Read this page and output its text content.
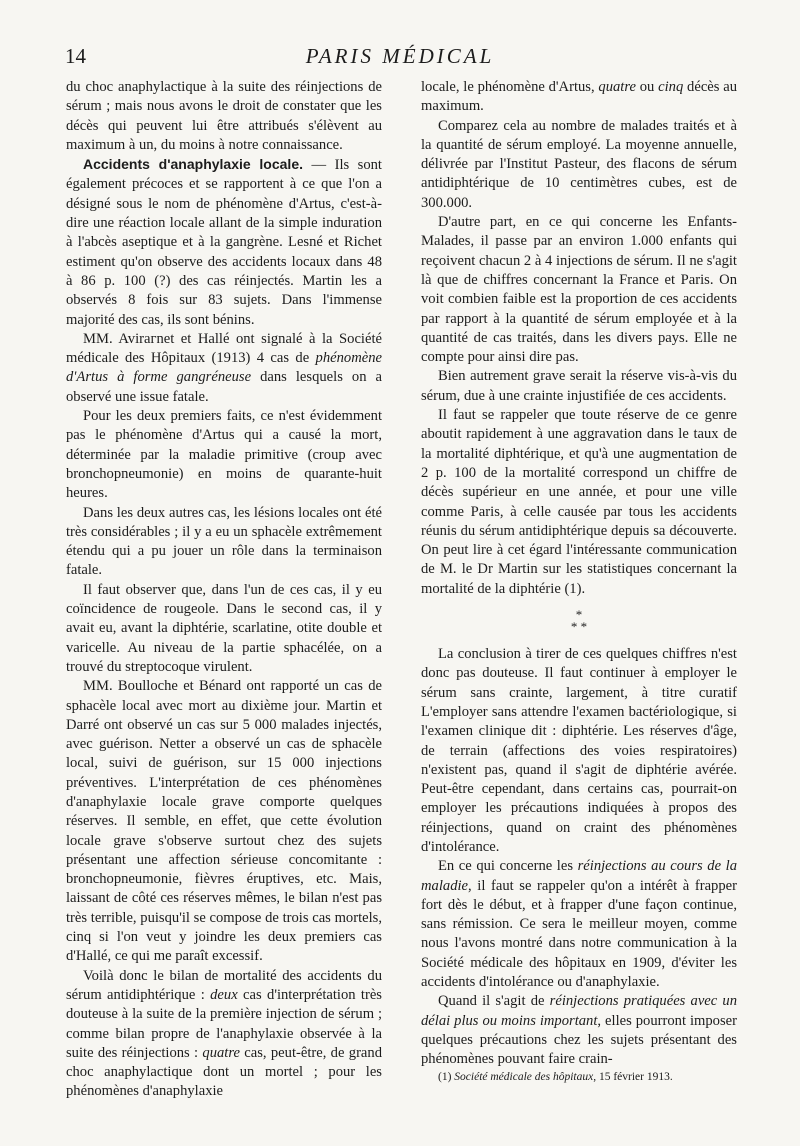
14	PARIS MÉDICAL

du choc anaphylactique à la suite des réinjections de sérum ; mais nous avons le droit de constater que les décès qui peuvent lui être attribués s'élèvent au maximum à un, du moins à notre connaissance.

Accidents d'anaphylaxie locale. — Ils sont également précoces et se rapportent à ce que l'on a désigné sous le nom de phénomène d'Artus, c'est-à-dire une réaction locale allant de la simple induration à l'abcès aseptique et à la gangrène. Lesné et Richet estiment qu'on observe des accidents locaux dans 48 à 86 p. 100 (?) des cas réinjectés. Martin les a observés 8 fois sur 83 sujets. Dans l'immense majorité des cas, ils sont bénins.

MM. Avirагnet et Hallé ont signalé à la Société médicale des Hôpitaux (1913) 4 cas de phénomène d'Artus à forme gangréneuse dans lesquels on a observé une issue fatale.

Pour les deux premiers faits, ce n'est évidemment pas le phénomène d'Artus qui a causé la mort, déterminée par la maladie primitive (croup avec bronchopneumonie) en moins de quarante-huit heures.

Dans les deux autres cas, les lésions locales ont été très considérables ; il y a eu un sphacèle extrêmement étendu qui a pu jouer un rôle dans la terminaison fatale.

Il faut observer que, dans l'un de ces cas, il y eu coïncidence de rougeole. Dans le second cas, il y avait eu, avant la diphtérie, scarlatine, otite double et varicelle. Au niveau de la partie sphacélée, on a trouvé du streptocoque virulent.

MM. Boulloche et Bénard ont rapporté un cas de sphacèle local avec mort au dixième jour. Martin et Darré ont observé un cas sur 5 000 malades injectés, avec guérison. Netter a observé un cas de sphacèle local, suivi de guérison, sur 15 000 injections préventives. L'interprétation de ces phénomènes d'anaphylaxie locale grave comporte quelques réserves. Il semble, en effet, que cette évolution locale grave s'observe surtout chez des sujets présentant une affection sérieuse concomitante : bronchopneumonie, fièvres éruptives, etc. Mais, laissant de côté ces réserves mêmes, le bilan n'est pas très terrible, puisqu'il se compose de trois cas mortels, cinq si l'on veut y joindre les deux premiers cas d'Hallé, ce qui me paraît excessif.

Voilà donc le bilan de mortalité des accidents du sérum antidiphtérique : deux cas d'interprétation très douteuse à la suite de la première injection de sérum ; comme bilan propre de l'anaphylaxie observée à la suite des réinjections : quatre cas, peut-être, de grand choc anaphylactique dont un mortel ; pour les phénomènes d'anaphylaxie

locale, le phénomène d'Artus, quatre ou cinq décès au maximum.

Comparez cela au nombre de malades traités et à la quantité de sérum employé. La moyenne annuelle, délivrée par l'Institut Pasteur, des flacons de sérum antidiphtérique de 10 centimètres cubes, est de 300.000.

D'autre part, en ce qui concerne les Enfants-Malades, il passe par an environ 1.000 enfants qui reçoivent chacun 2 à 4 injections de sérum. Il ne s'agit là que de chiffres concernant la France et Paris. On voit combien faible est la proportion de ces accidents par rapport à la quantité de sérum employée et à la quantité de cas traités, dans les divers pays. Elle ne compte pour ainsi dire pas.

Bien autrement grave serait la réserve vis-à-vis du sérum, due à une crainte injustifiée de ces accidents.

Il faut se rappeler que toute réserve de ce genre aboutit rapidement à une aggravation dans le taux de la mortalité diphtérique, et qu'à une augmentation de 2 p. 100 de la mortalité correspond un chiffre de décès supérieur en une année, et pour une ville comme Paris, à celle causée par tous les accidents réunis du sérum antidiphtérique depuis sa découverte. On peut lire à cet égard l'intéressante communication de M. le Dr Martin sur les statistiques concernant la mortalité de la diphtérie (1).

*
* *

La conclusion à tirer de ces quelques chiffres n'est donc pas douteuse. Il faut continuer à employer le sérum sans crainte, largement, à titre curatif L'employer sans attendre l'examen bactériologique, si l'examen clinique dit : diphtérie. Les réserves d'âge, de terrain (affections des voies respiratoires) n'existent pas, quand il s'agit de diphtérie avérée. Peut-être cependant, dans certains cas, pourrait-on employer les précautions indiquées à propos des réinjections, quand on craint des phénomènes d'intolérance.

En ce qui concerne les réinjections au cours de la maladie, il faut se rappeler qu'on a intérêt à frapper fort dès le début, et à frapper d'une façon continue, sans rémission. Ce sera le meilleur moyen, comme nous l'avons montré dans notre communication à la Société médicale des hôpitaux en 1909, d'éviter les accidents d'intolérance ou d'anaphylaxie.

Quand il s'agit de réinjections pratiquées avec un délai plus ou moins important, elles pourront imposer quelques précautions chez les sujets présentant des phénomènes pouvant faire crain-

(1) Société médicale des hôpitaux, 15 février 1913.
